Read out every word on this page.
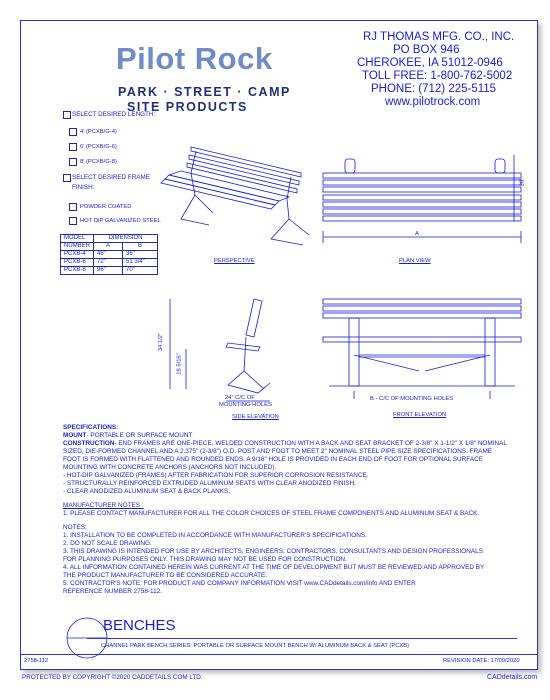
Pilot Rock
PARK · STREET · CAMP
SITE PRODUCTS
RJ THOMAS MFG. CO., INC.
PO BOX 946
CHEROKEE, IA 51012-0946
TOLL FREE: 1-800-762-5002
PHONE: (712) 225-5115
www.pilotrock.com
SELECT DESIRED LENGTH:
4' (PCXB/G-4)
6' (PCXB/G-6)
8' (PCXB/G-8)
SELECT DESIRED FRAME
FINISH:
POWDER COATED
HOT DIP GALVANIZED STEEL
MODEL	DIMENSION	
NUMBER	A	B
PCXB-4	48"	36"
PCXB-6	72"	51 3/4"
PCXB-8	96"	70"
PERSPECTIVE
A
26"
PLAN VIEW
34 1/2"
18 5/16"
24" C/C OF
MOUNTING HOLES
SIDE ELEVATION
B - C/C OF MOUNTING HOLES
FRONT ELEVATION
SPECIFICATIONS:
MOUNT- PORTABLE OR SURFACE MOUNT
CONSTRUCTION- END FRAMES ARE ONE-PIECE, WELDED CONSTRUCTION WITH A BACK AND SEAT BRACKET OF 2-3/8" X 1-1/2" X 1/8" NOMINAL
SIZED, DIE-FORMED CHANNEL AND A 2.375" (2-3/8") O.D. POST AND FOOT TO MEET 2" NOMINAL STEEL PIPE SIZE SPECIFICATIONS. FRAME
FOOT IS FORMED WITH FLATTENED AND ROUNDED ENDS. A 9/16" HOLE IS PROVIDED IN EACH END OF FOOT FOR OPTIONAL SURFACE
MOUNTING WITH CONCRETE ANCHORS (ANCHORS NOT INCLUDED).
- HOT-DIP GALVANIZED (FRAMES) AFTER FABRICATION FOR SUPERIOR CORROSION RESISTANCE.
- STRUCTURALLY REINFORCED EXTRUDED ALUMINUM SEATS WITH CLEAR ANODIZED FINISH.
- CLEAR ANODIZED ALUMINUM SEAT & BACK PLANKS.
MANUFACTURER NOTES :
1. PLEASE CONTACT MANUFACTURER FOR ALL THE COLOR CHOICES OF STEEL FRAME COMPONENTS AND ALUMINUM SEAT & BACK.
NOTES:
1. INSTALLATION TO BE COMPLETED IN ACCORDANCE WITH MANUFACTURER'S SPECIFICATIONS.
2. DO NOT SCALE DRAWING.
3. THIS DRAWING IS INTENDED FOR USE BY ARCHITECTS, ENGINEERS, CONTRACTORS, CONSULTANTS AND DESIGN PROFESSIONALS
FOR PLANNING PURPOSES ONLY. THIS DRAWING MAY NOT BE USED FOR CONSTRUCTION.
4. ALL INFORMATION CONTAINED HEREIN WAS CURRENT AT THE TIME OF DEVELOPMENT BUT MUST BE REVIEWED AND APPROVED BY
THE PRODUCT MANUFACTURER TO BE CONSIDERED ACCURATE.
5. CONTRACTOR'S NOTE: FOR PRODUCT AND COMPANY INFORMATION VISIT www.CADdetails.com/info AND ENTER
REFERENCE NUMBER 2758-112.
BENCHES
CHANNEL PARK BENCH SERIES: PORTABLE OR SURFACE MOUNT BENCH W/ ALUMINUM BACK & SEAT (PCXB)
2758-112	REVISION DATE: 17/09/2020
PROTECTED BY COPYRIGHT ©2020 CADDETAILS.COM LTD.	CADdetails.com
